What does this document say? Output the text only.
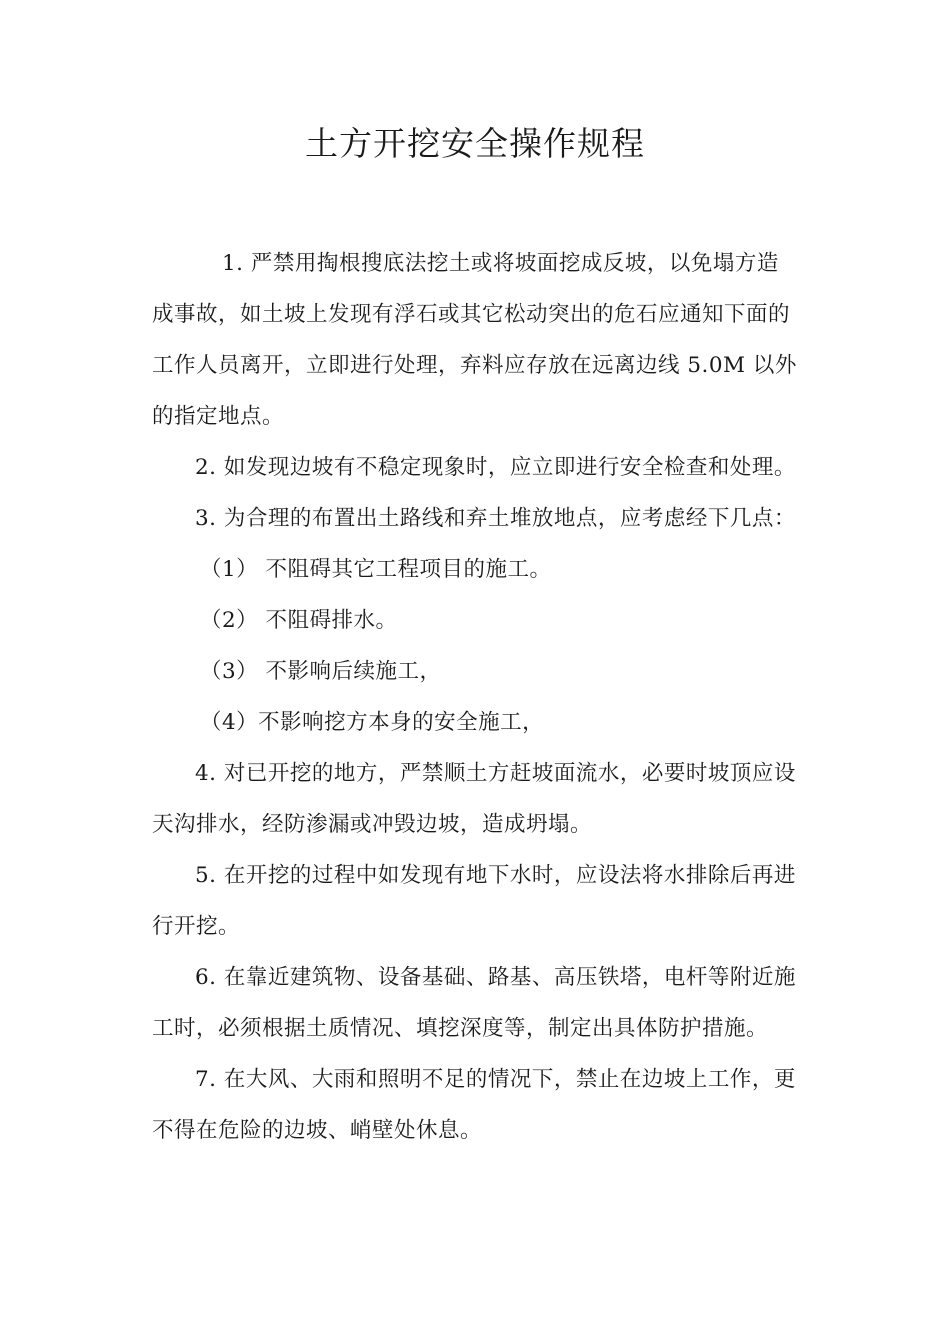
土方开挖安全操作规程

1. 严禁用掏根搜底法挖土或将坡面挖成反坡，以免塌方造成事故，如土坡上发现有浮石或其它松动突出的危石应通知下面的工作人员离开，立即进行处理，弃料应存放在远离边线 5.0M 以外的指定地点。

2. 如发现边坡有不稳定现象时，应立即进行安全检查和处理。

3. 为合理的布置出土路线和弃土堆放地点，应考虑经下几点：

（1） 不阻碍其它工程项目的施工。

（2） 不阻碍排水。

（3） 不影响后续施工，

（4）不影响挖方本身的安全施工，

4. 对已开挖的地方，严禁顺土方赶坡面流水，必要时坡顶应设天沟排水，经防渗漏或冲毁边坡，造成坍塌。

5. 在开挖的过程中如发现有地下水时，应设法将水排除后再进行开挖。

6. 在靠近建筑物、设备基础、路基、高压铁塔，电杆等附近施工时，必须根据土质情况、填挖深度等，制定出具体防护措施。

7. 在大风、大雨和照明不足的情况下，禁止在边坡上工作，更不得在危险的边坡、峭壁处休息。
